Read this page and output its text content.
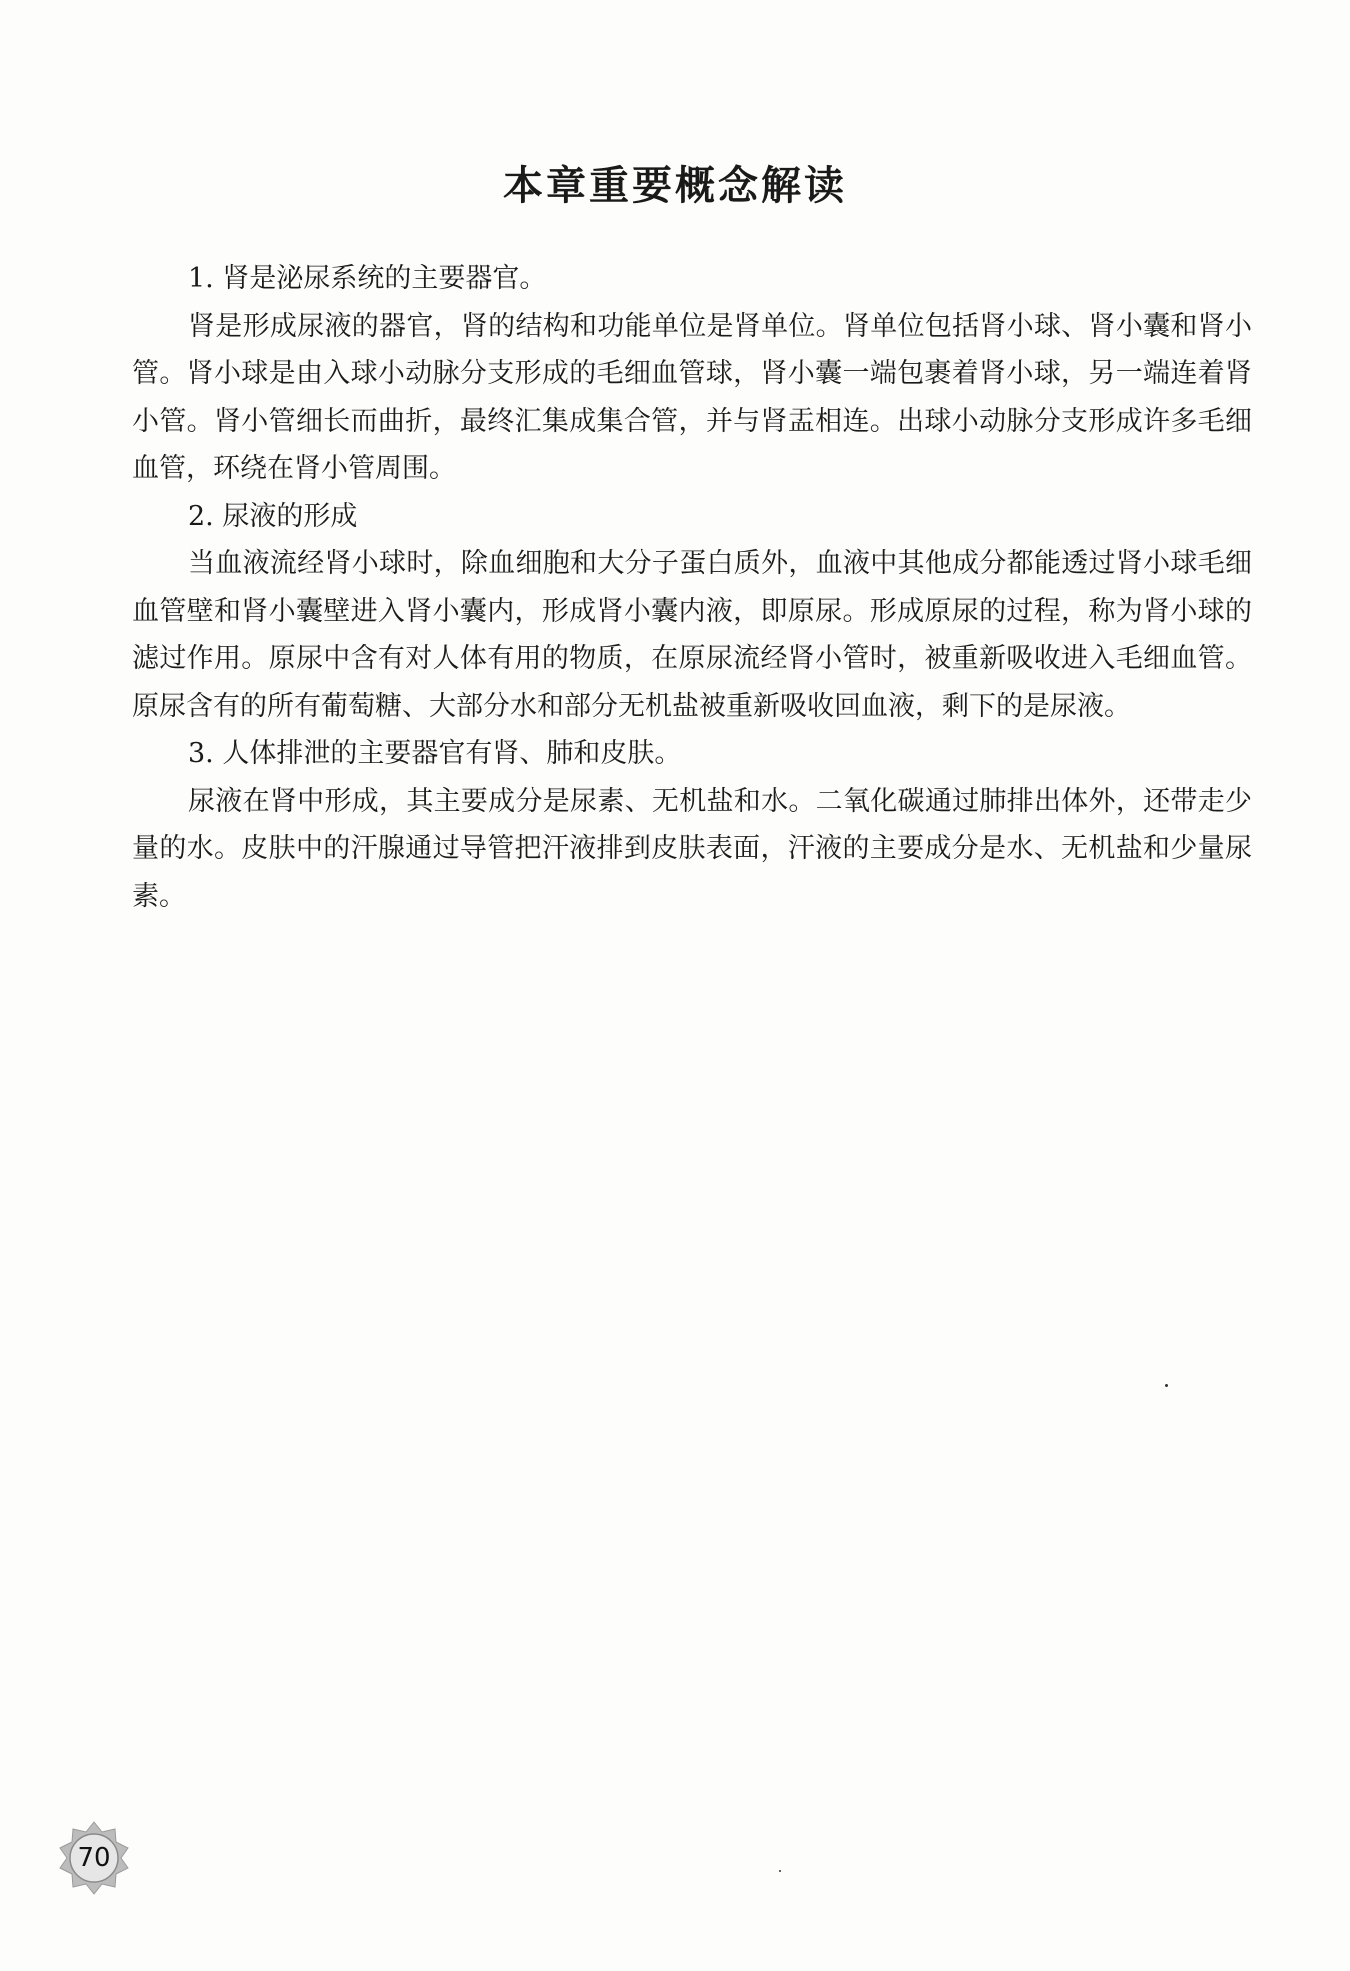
本章重要概念解读

1. 肾是泌尿系统的主要器官。

肾是形成尿液的器官，肾的结构和功能单位是肾单位。肾单位包括肾小球、肾小囊和肾小管。肾小球是由入球小动脉分支形成的毛细血管球，肾小囊一端包裹着肾小球，另一端连着肾小管。肾小管细长而曲折，最终汇集成集合管，并与肾盂相连。出球小动脉分支形成许多毛细血管，环绕在肾小管周围。

2. 尿液的形成

当血液流经肾小球时，除血细胞和大分子蛋白质外，血液中其他成分都能透过肾小球毛细血管壁和肾小囊壁进入肾小囊内，形成肾小囊内液，即原尿。形成原尿的过程，称为肾小球的滤过作用。原尿中含有对人体有用的物质，在原尿流经肾小管时，被重新吸收进入毛细血管。原尿含有的所有葡萄糖、大部分水和部分无机盐被重新吸收回血液，剩下的是尿液。

3. 人体排泄的主要器官有肾、肺和皮肤。

尿液在肾中形成，其主要成分是尿素、无机盐和水。二氧化碳通过肺排出体外，还带走少量的水。皮肤中的汗腺通过导管把汗液排到皮肤表面，汗液的主要成分是水、无机盐和少量尿素。

70
